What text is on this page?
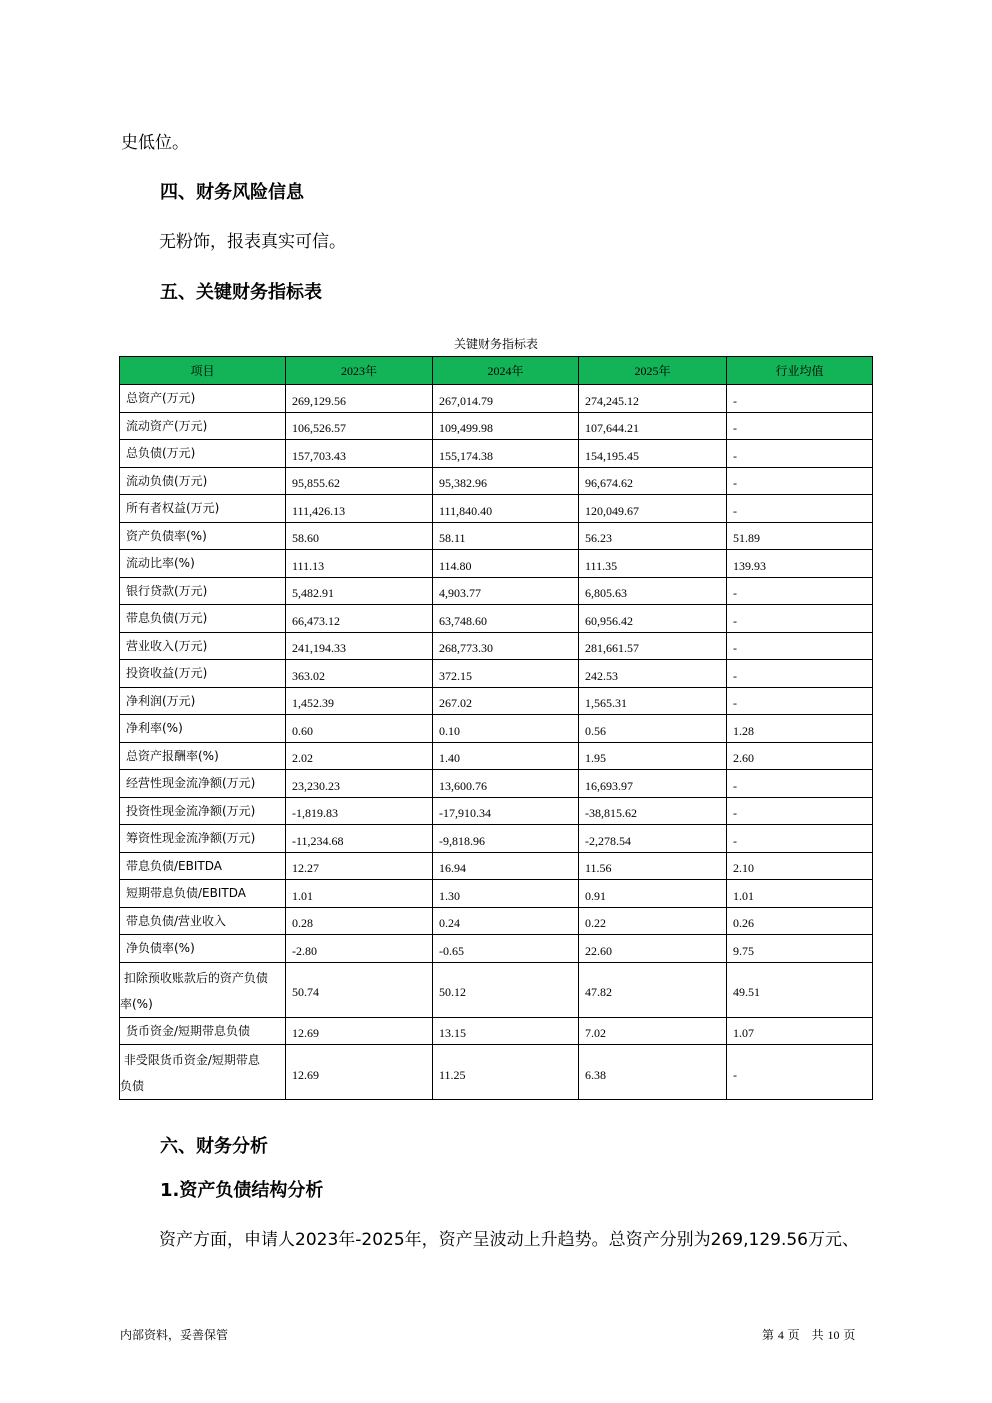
史低位。
四、财务风险信息
无粉饰，报表真实可信。
五、关键财务指标表
关键财务指标表
项目	2023年	2024年	2025年	行业均值
总资产(万元)	269,129.56	267,014.79	274,245.12	-
流动资产(万元)	106,526.57	109,499.98	107,644.21	-
总负债(万元)	157,703.43	155,174.38	154,195.45	-
流动负债(万元)	95,855.62	95,382.96	96,674.62	-
所有者权益(万元)	111,426.13	111,840.40	120,049.67	-
资产负债率(%)	58.60	58.11	56.23	51.89
流动比率(%)	111.13	114.80	111.35	139.93
银行贷款(万元)	5,482.91	4,903.77	6,805.63	-
带息负债(万元)	66,473.12	63,748.60	60,956.42	-
营业收入(万元)	241,194.33	268,773.30	281,661.57	-
投资收益(万元)	363.02	372.15	242.53	-
净利润(万元)	1,452.39	267.02	1,565.31	-
净利率(%)	0.60	0.10	0.56	1.28
总资产报酬率(%)	2.02	1.40	1.95	2.60
经营性现金流净额(万元)	23,230.23	13,600.76	16,693.97	-
投资性现金流净额(万元)	-1,819.83	-17,910.34	-38,815.62	-
筹资性现金流净额(万元)	-11,234.68	-9,818.96	-2,278.54	-
带息负债/EBITDA	12.27	16.94	11.56	2.10
短期带息负债/EBITDA	1.01	1.30	0.91	1.01
带息负债/营业收入	0.28	0.24	0.22	0.26
净负债率(%)	-2.80	-0.65	22.60	9.75

扣除预收账款后的资产负债
率(%)	50.74	50.12	47.82	49.51
货币资金/短期带息负债	12.69	13.15	7.02	1.07

非受限货币资金/短期带息
负债	12.69	11.25	6.38	-
六、财务分析
1.资产负债结构分析
资产方面，申请人2023年-2025年，资产呈波动上升趋势。总资产分别为269,129.56万元、
内部资料，妥善保管	第 4 页　共 10 页
